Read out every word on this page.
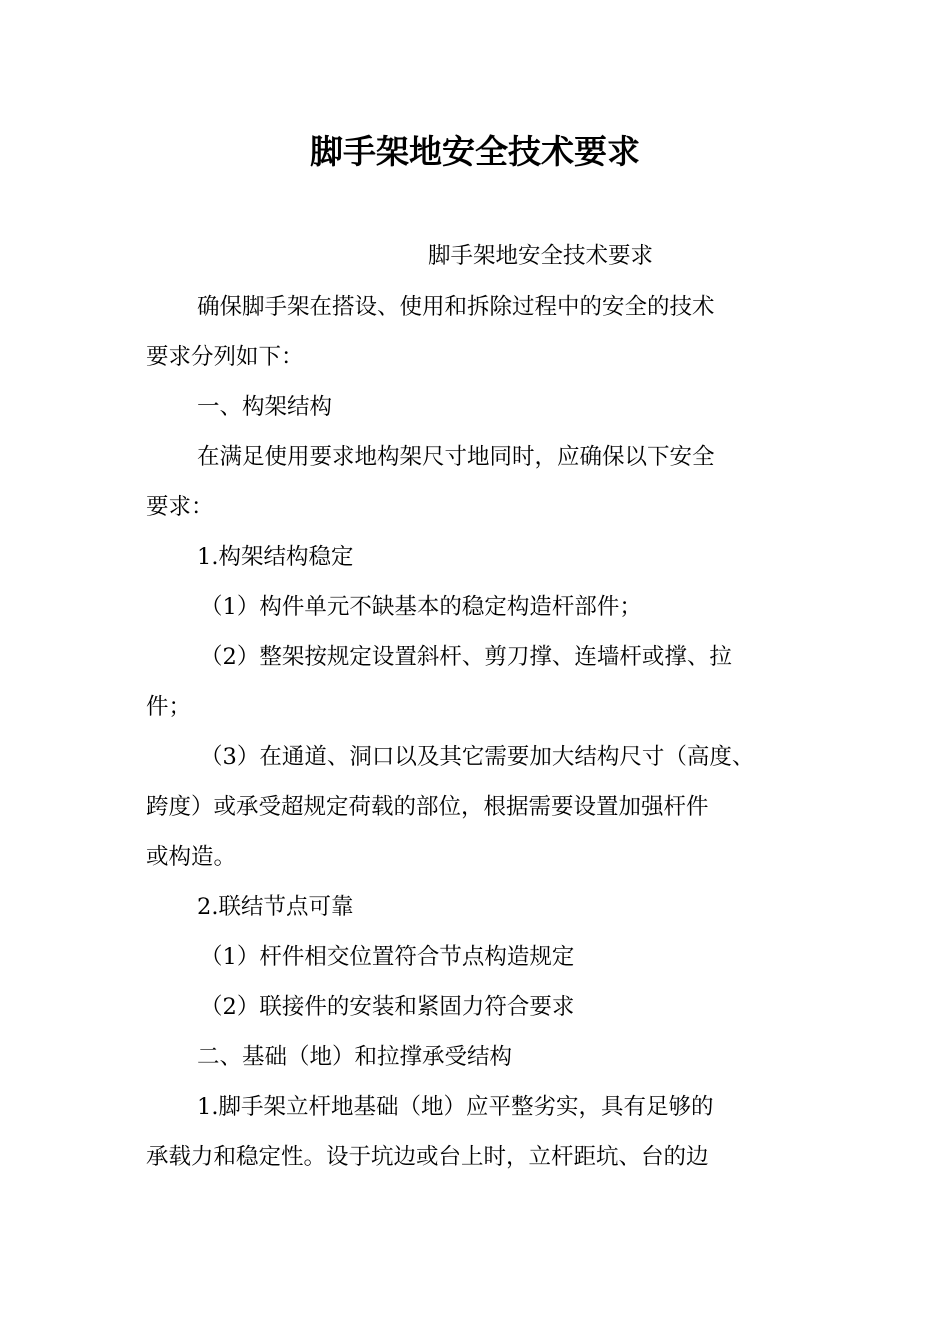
脚手架地安全技术要求
脚手架地安全技术要求
确保脚手架在搭设、使用和拆除过程中的安全的技术
要求分列如下：
一、构架结构
在满足使用要求地构架尺寸地同时，应确保以下安全
要求：
1.构架结构稳定
（1）构件单元不缺基本的稳定构造杆部件；
（2）整架按规定设置斜杆、剪刀撑、连墙杆或撑、拉
件；
（3）在通道、洞口以及其它需要加大结构尺寸（高度、
跨度）或承受超规定荷载的部位，根据需要设置加强杆件
或构造。
2.联结节点可靠
（1）杆件相交位置符合节点构造规定
（2）联接件的安装和紧固力符合要求
二、基础（地）和拉撑承受结构
1.脚手架立杆地基础（地）应平整劣实，具有足够的
承载力和稳定性。设于坑边或台上时，立杆距坑、台的边
